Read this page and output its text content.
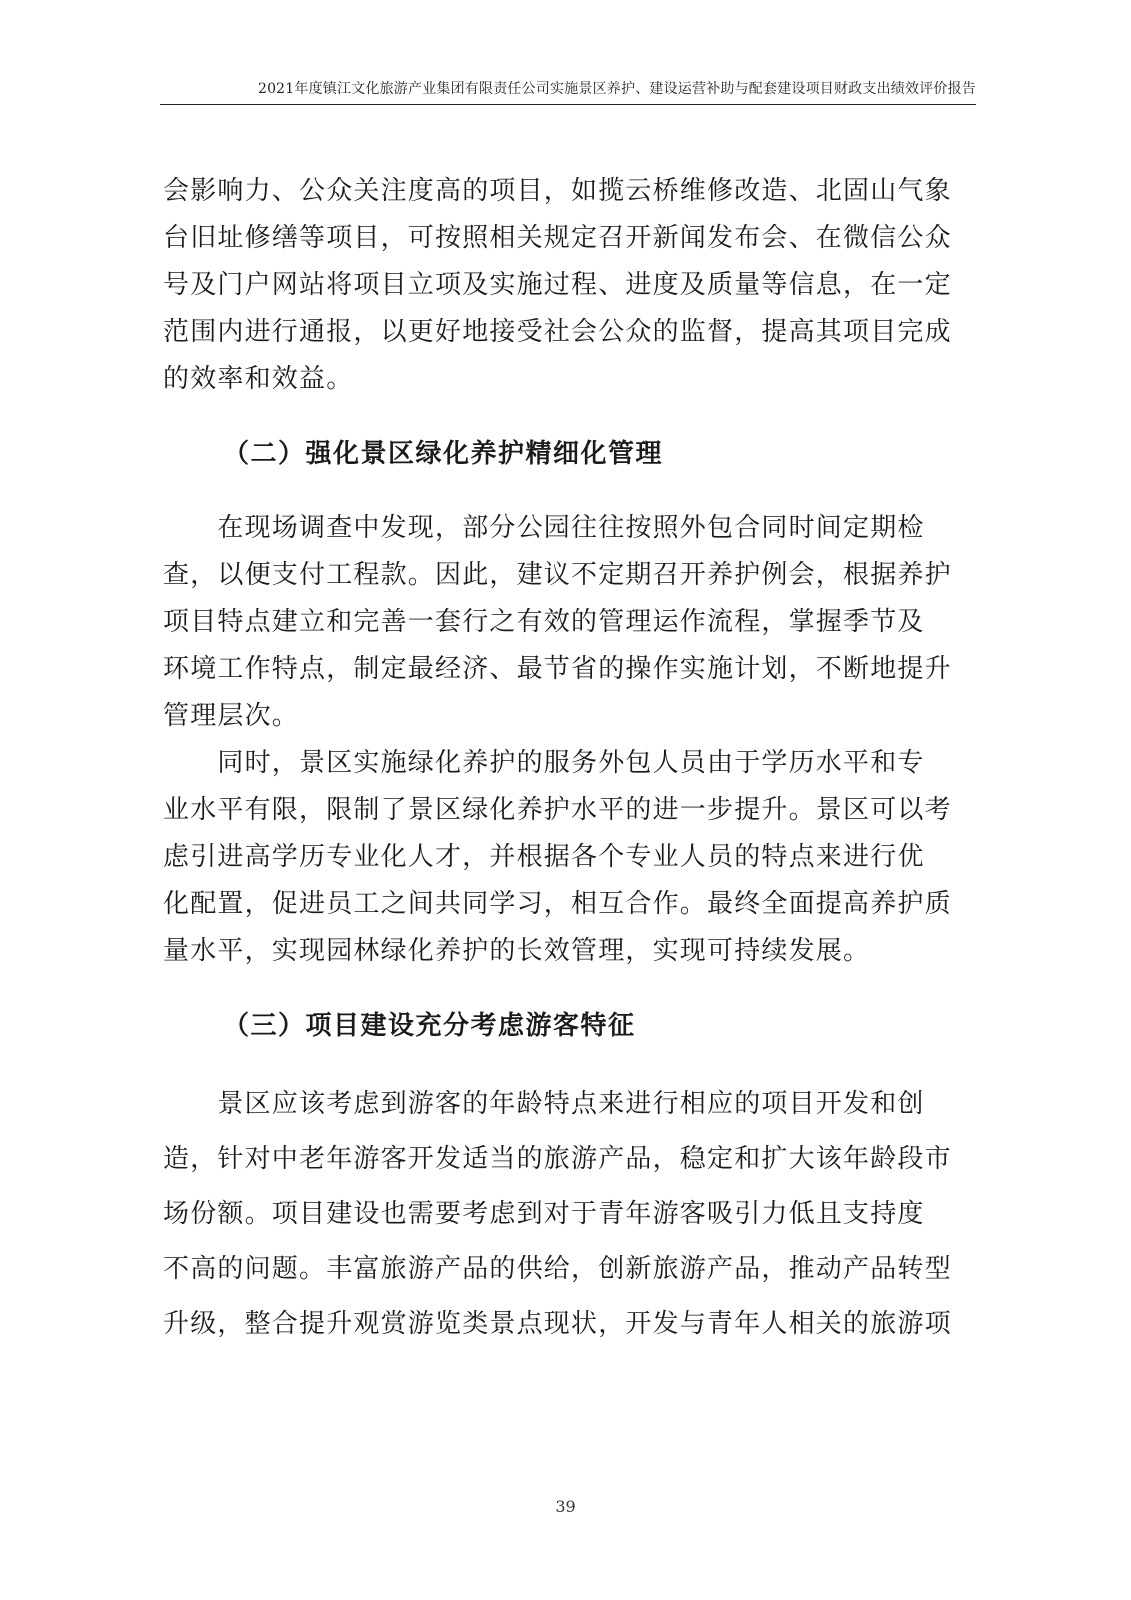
2021年度镇江文化旅游产业集团有限责任公司实施景区养护、建设运营补助与配套建设项目财政支出绩效评价报告
会影响力、公众关注度高的项目，如揽云桥维修改造、北固山气象
台旧址修缮等项目，可按照相关规定召开新闻发布会、在微信公众
号及门户网站将项目立项及实施过程、进度及质量等信息，在一定
范围内进行通报，以更好地接受社会公众的监督，提高其项目完成
的效率和效益。
（二）强化景区绿化养护精细化管理
　　在现场调查中发现，部分公园往往按照外包合同时间定期检
查，以便支付工程款。因此，建议不定期召开养护例会，根据养护
项目特点建立和完善一套行之有效的管理运作流程，掌握季节及
环境工作特点，制定最经济、最节省的操作实施计划，不断地提升
管理层次。
　　同时，景区实施绿化养护的服务外包人员由于学历水平和专
业水平有限，限制了景区绿化养护水平的进一步提升。景区可以考
虑引进高学历专业化人才，并根据各个专业人员的特点来进行优
化配置，促进员工之间共同学习，相互合作。最终全面提高养护质
量水平，实现园林绿化养护的长效管理，实现可持续发展。
（三）项目建设充分考虑游客特征
　　景区应该考虑到游客的年龄特点来进行相应的项目开发和创
造，针对中老年游客开发适当的旅游产品，稳定和扩大该年龄段市
场份额。项目建设也需要考虑到对于青年游客吸引力低且支持度
不高的问题。丰富旅游产品的供给，创新旅游产品，推动产品转型
升级，整合提升观赏游览类景点现状，开发与青年人相关的旅游项
39
